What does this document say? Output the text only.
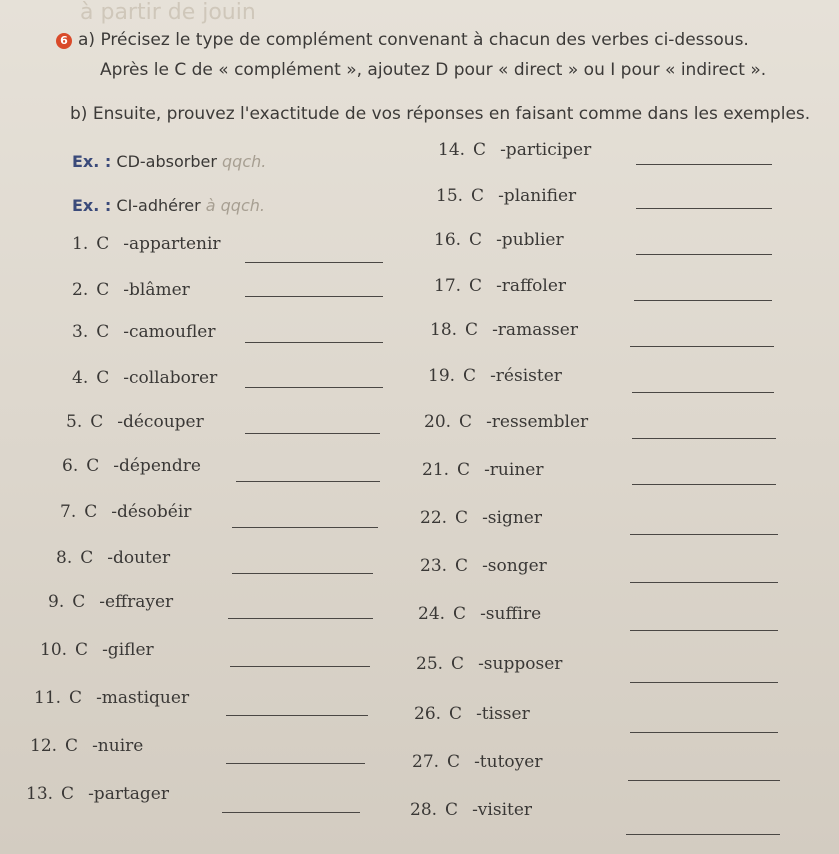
à partir de jouin
6 a) Précisez le type de complément convenant à chacun des verbes ci-dessous.

Après le C de « complément », ajoutez D pour « direct » ou I pour « indirect ».

b) Ensuite, prouvez l'exactitude de vos réponses en faisant comme dans les exemples.

Ex. : CD-absorber qqch.
Ex. : CI-adhérer à qqch.
1. C -appartenir
2. C -blâmer
3. C -camoufler
4. C -collaborer
5. C -découper
6. C -dépendre
7. C -désobéir
8. C -douter
9. C -effrayer
10. C -gifler
11. C -mastiquer
12. C -nuire
13. C -partager
14. C -participer
15. C -planifier
16. C -publier
17. C -raffoler
18. C -ramasser
19. C -résister
20. C -ressembler
21. C -ruiner
22. C -signer
23. C -songer
24. C -suffire
25. C -supposer
26. C -tisser
27. C -tutoyer
28. C -visiter
